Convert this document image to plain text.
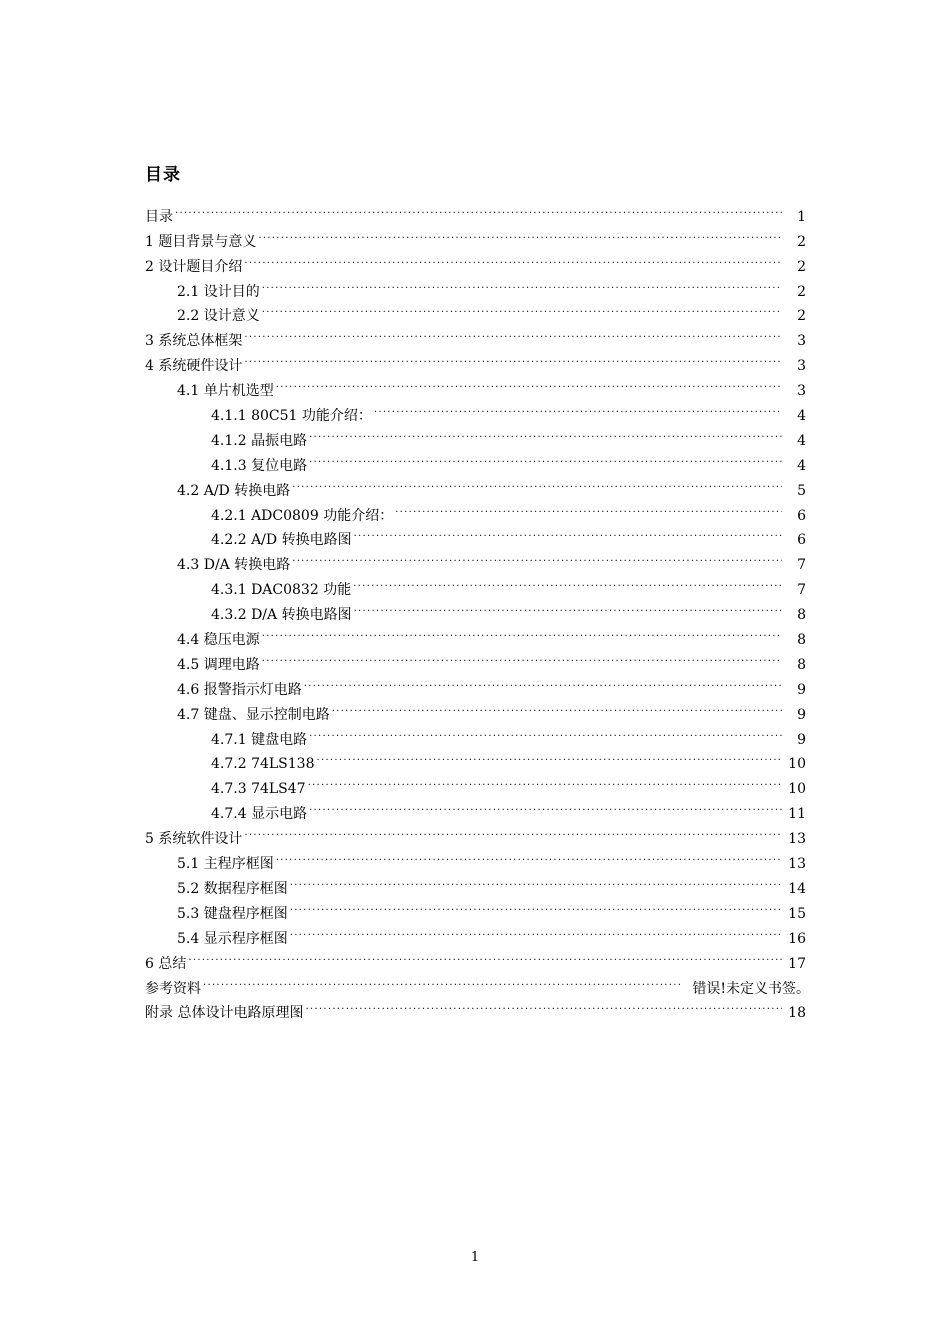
目录
目录 .....	1
1 题目背景与意义 .....	2
2 设计题目介绍 .....	2
2.1 设计目的 .....	2
2.2 设计意义 .....	2
3 系统总体框架 .....	3
4 系统硬件设计 .....	3
4.1 单片机选型 .....	3
4.1.1 80C51 功能介绍： .....	4
4.1.2 晶振电路 .....	4
4.1.3 复位电路 .....	4
4.2 A/D 转换电路 .....	5
4.2.1 ADC0809 功能介绍： .....	6
4.2.2 A/D 转换电路图 .....	6
4.3 D/A 转换电路 .....	7
4.3.1 DAC0832 功能 .....	7
4.3.2 D/A 转换电路图 .....	8
4.4 稳压电源 .....	8
4.5 调理电路 .....	8
4.6 报警指示灯电路 .....	9
4.7 键盘、显示控制电路 .....	9
4.7.1 键盘电路 .....	9
4.7.2 74LS138 .....	10
4.7.3 74LS47 .....	10
4.7.4 显示电路 .....	11
5 系统软件设计 .....	13
5.1 主程序框图 .....	13
5.2 数据程序框图 .....	14
5.3 键盘程序框图 .....	15
5.4 显示程序框图 .....	16
6 总结 .....	17
参考资料 .....	错误!未定义书签。
附录 总体设计电路原理图 .....	18
1
